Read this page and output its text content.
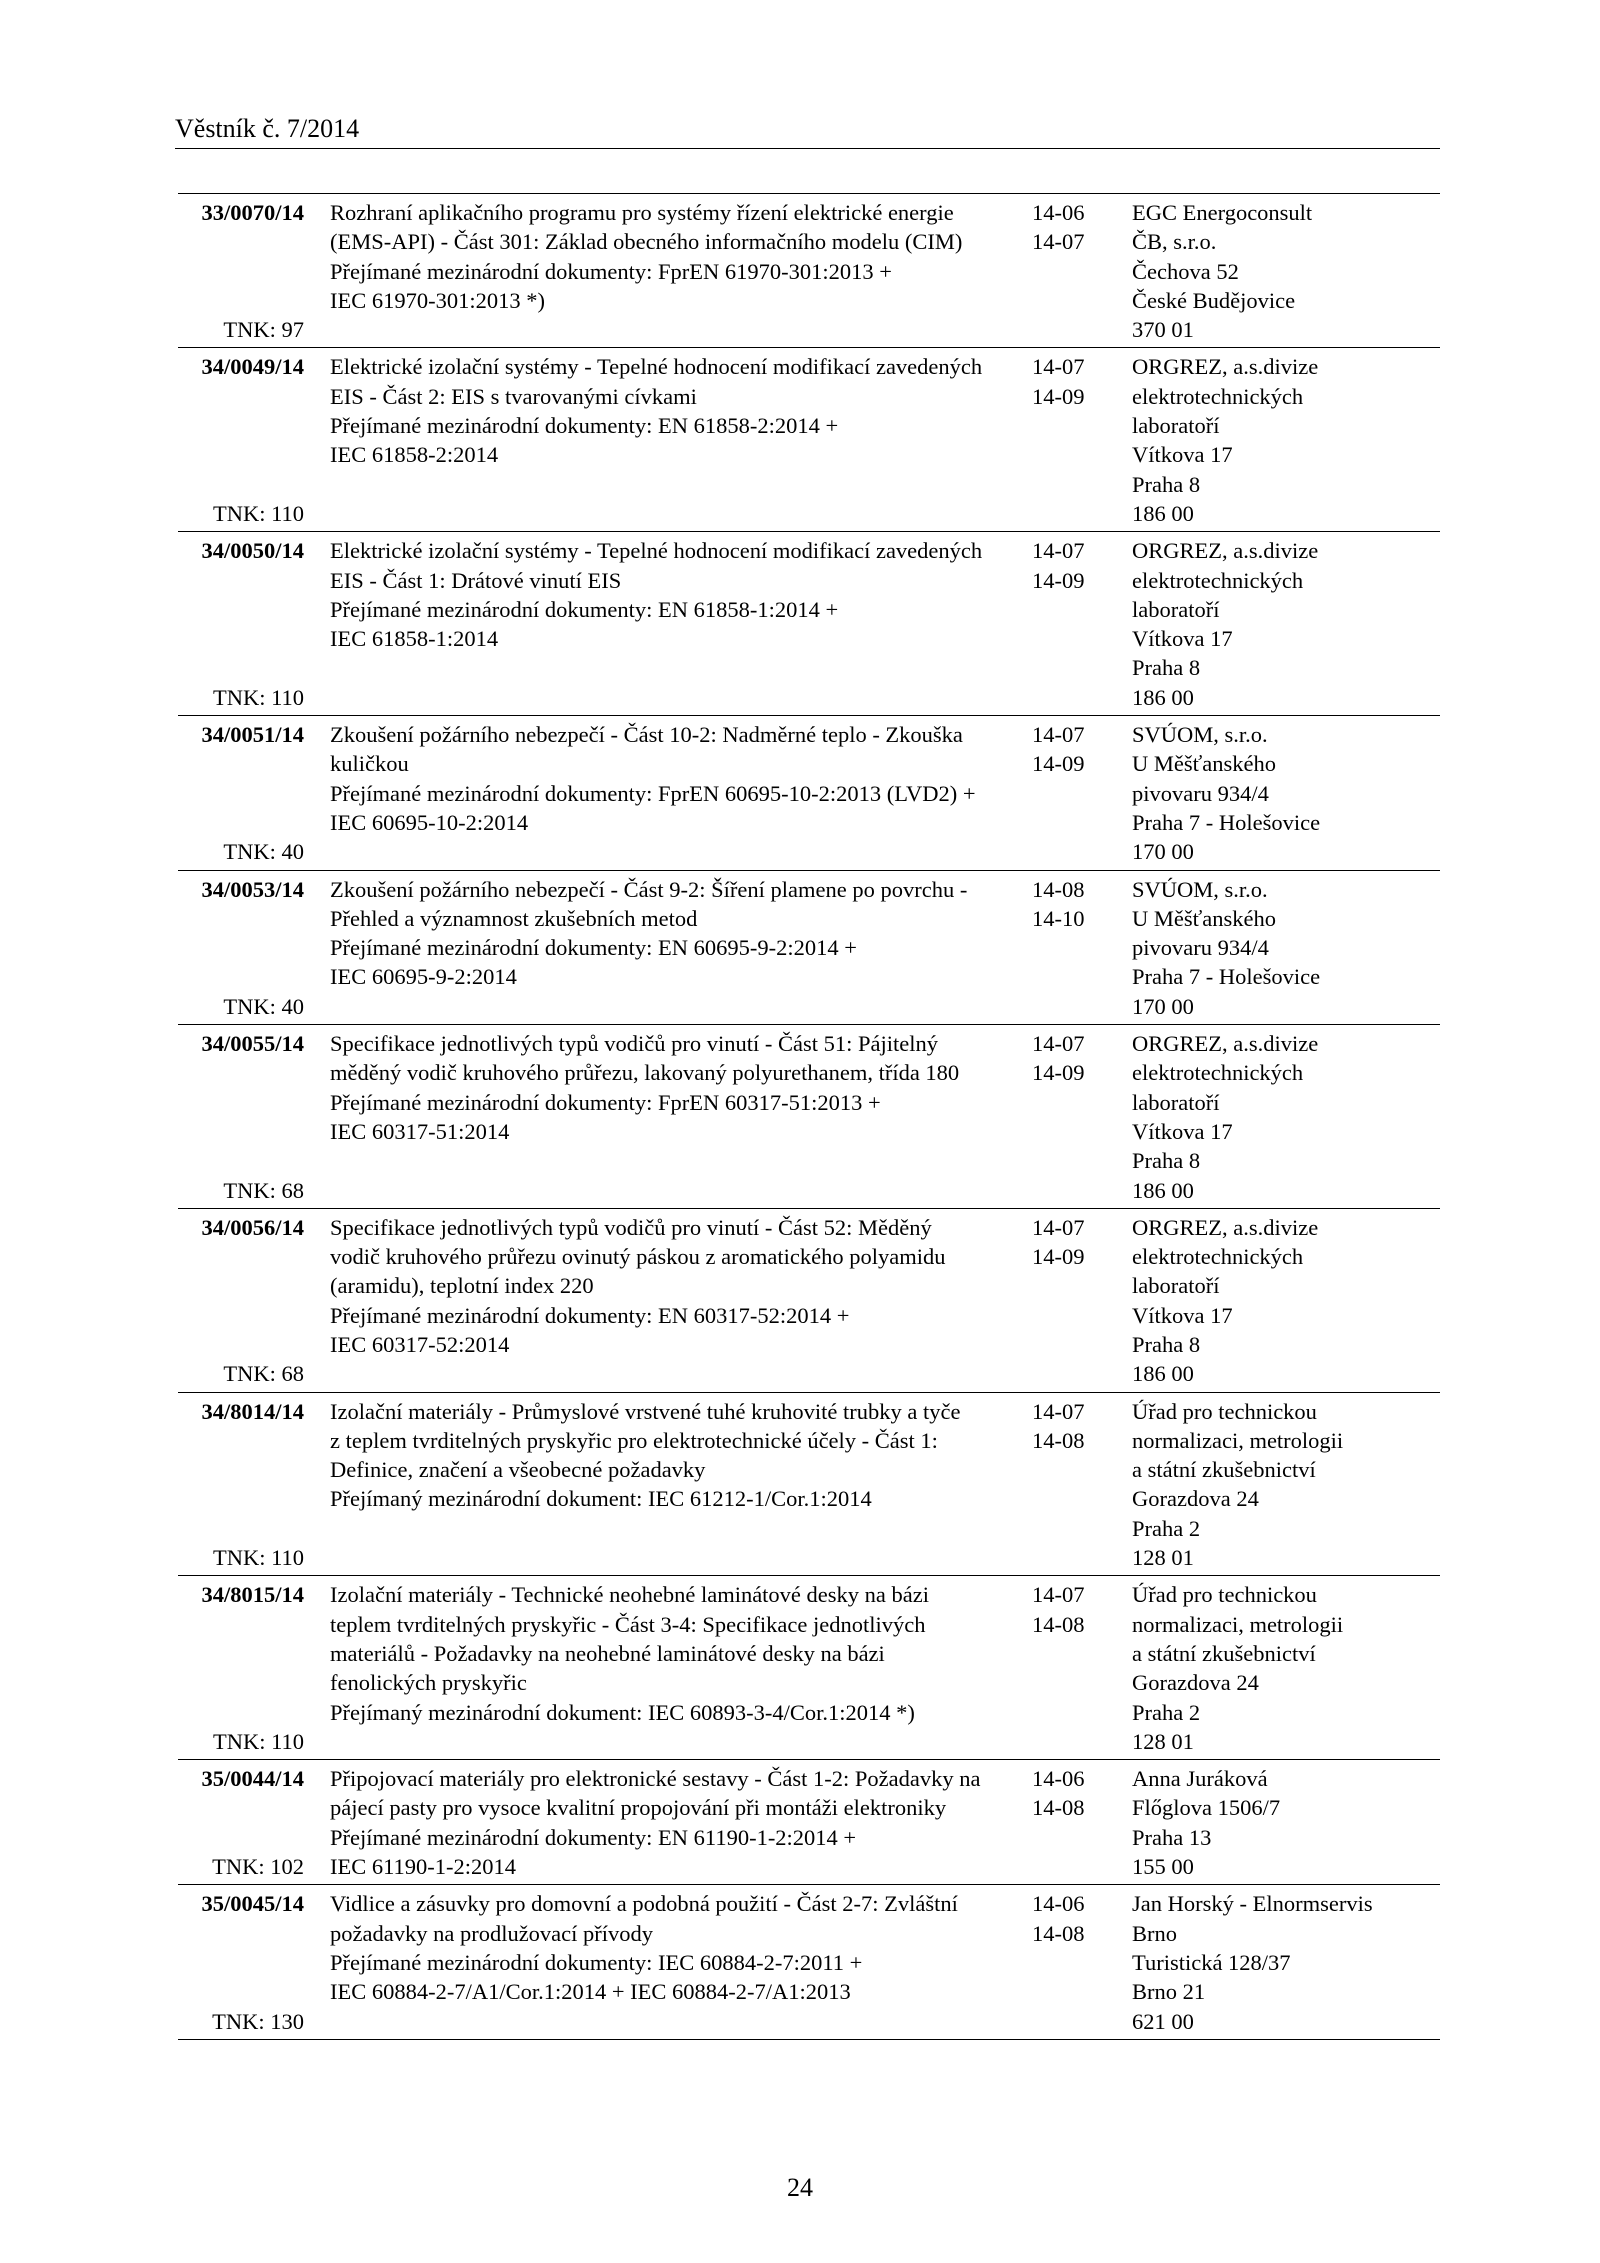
Věstník č. 7/2014
33/0070/14
TNK: 97
Rozhraní aplikačního programu pro systémy řízení elektrické energie
(EMS-API) - Část 301: Základ obecného informačního modelu (CIM)
Přejímané mezinárodní dokumenty: FprEN 61970-301:2013 +
IEC 61970-301:2013 *)
14-06
14-07
EGC Energoconsult
ČB, s.r.o.
Čechova 52
České Budějovice
370 01
34/0049/14
TNK: 110
Elektrické izolační systémy - Tepelné hodnocení modifikací zavedených
EIS - Část 2: EIS s tvarovanými cívkami
Přejímané mezinárodní dokumenty: EN 61858-2:2014 +
IEC 61858-2:2014
14-07
14-09
ORGREZ, a.s.divize
elektrotechnických
laboratoří
Vítkova 17
Praha 8
186 00
34/0050/14
TNK: 110
Elektrické izolační systémy - Tepelné hodnocení modifikací zavedených
EIS - Část 1: Drátové vinutí EIS
Přejímané mezinárodní dokumenty: EN 61858-1:2014 +
IEC 61858-1:2014
14-07
14-09
ORGREZ, a.s.divize
elektrotechnických
laboratoří
Vítkova 17
Praha 8
186 00
34/0051/14
TNK: 40
Zkoušení požárního nebezpečí - Část 10-2: Nadměrné teplo - Zkouška
kuličkou
Přejímané mezinárodní dokumenty: FprEN 60695-10-2:2013 (LVD2) +
IEC 60695-10-2:2014
14-07
14-09
SVÚOM, s.r.o.
U Měšťanského
pivovaru 934/4
Praha 7 - Holešovice
170 00
34/0053/14
TNK: 40
Zkoušení požárního nebezpečí - Část 9-2: Šíření plamene po povrchu -
Přehled a významnost zkušebních metod
Přejímané mezinárodní dokumenty: EN 60695-9-2:2014 +
IEC 60695-9-2:2014
14-08
14-10
SVÚOM, s.r.o.
U Měšťanského
pivovaru 934/4
Praha 7 - Holešovice
170 00
34/0055/14
TNK: 68
Specifikace jednotlivých typů vodičů pro vinutí - Část 51: Pájitelný
měděný vodič kruhového průřezu, lakovaný polyurethanem, třída 180
Přejímané mezinárodní dokumenty: FprEN 60317-51:2013 +
IEC 60317-51:2014
14-07
14-09
ORGREZ, a.s.divize
elektrotechnických
laboratoří
Vítkova 17
Praha 8
186 00
34/0056/14
TNK: 68
Specifikace jednotlivých typů vodičů pro vinutí - Část 52: Měděný
vodič kruhového průřezu ovinutý páskou z aromatického polyamidu
(aramidu), teplotní index 220
Přejímané mezinárodní dokumenty: EN 60317-52:2014 +
IEC 60317-52:2014
14-07
14-09
ORGREZ, a.s.divize
elektrotechnických
laboratoří
Vítkova 17
Praha 8
186 00
34/8014/14
TNK: 110
Izolační materiály - Průmyslové vrstvené tuhé kruhovité trubky a tyče
z teplem tvrditelných pryskyřic pro elektrotechnické účely - Část 1:
Definice, značení a všeobecné požadavky
Přejímaný mezinárodní dokument: IEC 61212-1/Cor.1:2014
14-07
14-08
Úřad pro technickou
normalizaci, metrologii
a státní zkušebnictví
Gorazdova 24
Praha 2
128 01
34/8015/14
TNK: 110
Izolační materiály - Technické neohebné laminátové desky na bázi
teplem tvrditelných pryskyřic - Část 3-4: Specifikace jednotlivých
materiálů - Požadavky na neohebné laminátové desky na bázi
fenolických pryskyřic
Přejímaný mezinárodní dokument: IEC 60893-3-4/Cor.1:2014 *)
14-07
14-08
Úřad pro technickou
normalizaci, metrologii
a státní zkušebnictví
Gorazdova 24
Praha 2
128 01
35/0044/14
TNK: 102
Připojovací materiály pro elektronické sestavy - Část 1-2: Požadavky na
pájecí pasty pro vysoce kvalitní propojování při montáži elektroniky
Přejímané mezinárodní dokumenty: EN 61190-1-2:2014 +
IEC 61190-1-2:2014
14-06
14-08
Anna Juráková
Flőglova 1506/7
Praha 13
155 00
35/0045/14
TNK: 130
Vidlice a zásuvky pro domovní a podobná použití - Část 2-7: Zvláštní
požadavky na prodlužovací přívody
Přejímané mezinárodní dokumenty: IEC 60884-2-7:2011 +
IEC 60884-2-7/A1/Cor.1:2014 + IEC 60884-2-7/A1:2013
14-06
14-08
Jan Horský - Elnormservis
Brno
Turistická 128/37
Brno 21
621 00
24
